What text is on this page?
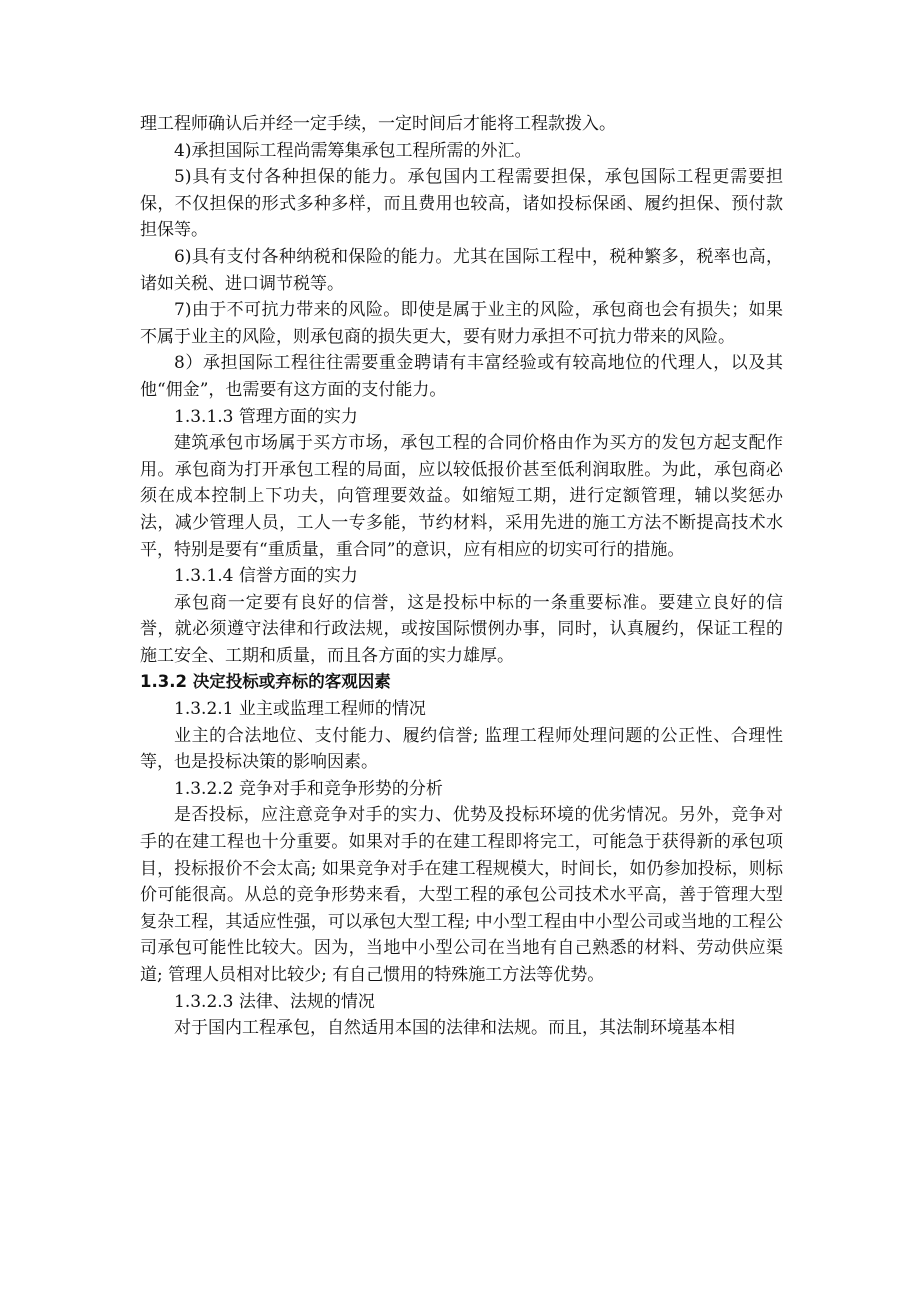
理工程师确认后并经一定手续，一定时间后才能将工程款拨入。

4)承担国际工程尚需筹集承包工程所需的外汇。

5)具有支付各种担保的能力。承包国内工程需要担保，承包国际工程更需要担保，不仅担保的形式多种多样，而且费用也较高，诸如投标保函、履约担保、预付款担保等。

6)具有支付各种纳税和保险的能力。尤其在国际工程中，税种繁多，税率也高，诸如关税、进口调节税等。

7)由于不可抗力带来的风险。即使是属于业主的风险，承包商也会有损失；如果不属于业主的风险，则承包商的损失更大，要有财力承担不可抗力带来的风险。

8）承担国际工程往往需要重金聘请有丰富经验或有较高地位的代理人，以及其他“佣金”，也需要有这方面的支付能力。

1.3.1.3 管理方面的实力

建筑承包市场属于买方市场，承包工程的合同价格由作为买方的发包方起支配作用。承包商为打开承包工程的局面，应以较低报价甚至低利润取胜。为此，承包商必须在成本控制上下功夫，向管理要效益。如缩短工期，进行定额管理，辅以奖惩办法，减少管理人员，工人一专多能，节约材料，采用先进的施工方法不断提高技术水平，特别是要有“重质量，重合同”的意识，应有相应的切实可行的措施。

1.3.1.4 信誉方面的实力

承包商一定要有良好的信誉，这是投标中标的一条重要标准。要建立良好的信誉，就必须遵守法律和行政法规，或按国际惯例办事，同时，认真履约，保证工程的施工安全、工期和质量，而且各方面的实力雄厚。

1.3.2 决定投标或弃标的客观因素

1.3.2.1 业主或监理工程师的情况

业主的合法地位、支付能力、履约信誉; 监理工程师处理问题的公正性、合理性等，也是投标决策的影响因素。

1.3.2.2 竞争对手和竞争形势的分析

是否投标，应注意竞争对手的实力、优势及投标环境的优劣情况。另外，竞争对手的在建工程也十分重要。如果对手的在建工程即将完工，可能急于获得新的承包项目，投标报价不会太高; 如果竞争对手在建工程规模大，时间长，如仍参加投标，则标价可能很高。从总的竞争形势来看，大型工程的承包公司技术水平高，善于管理大型复杂工程，其适应性强，可以承包大型工程; 中小型工程由中小型公司或当地的工程公司承包可能性比较大。因为，当地中小型公司在当地有自己熟悉的材料、劳动供应渠道; 管理人员相对比较少; 有自己惯用的特殊施工方法等优势。

1.3.2.3 法律、法规的情况

对于国内工程承包，自然适用本国的法律和法规。而且，其法制环境基本相
